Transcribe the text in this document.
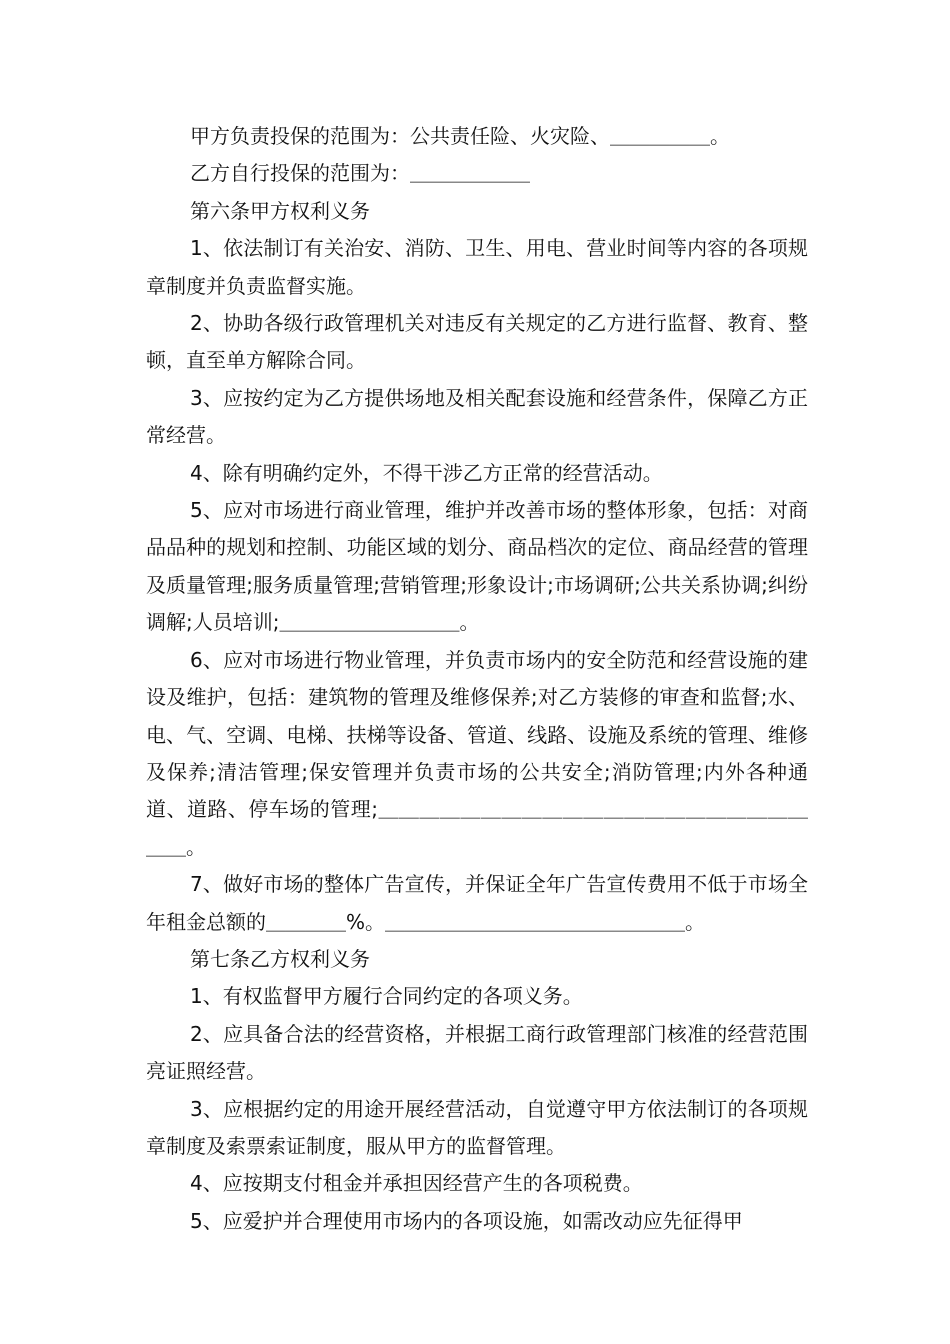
甲方负责投保的范围为：公共责任险、火灾险、＿＿＿＿＿。

乙方自行投保的范围为：＿＿＿＿＿＿

第六条甲方权利义务

1、依法制订有关治安、消防、卫生、用电、营业时间等内容的各项规章制度并负责监督实施。

2、协助各级行政管理机关对违反有关规定的乙方进行监督、教育、整顿，直至单方解除合同。

3、应按约定为乙方提供场地及相关配套设施和经营条件，保障乙方正常经营。

4、除有明确约定外，不得干涉乙方正常的经营活动。

5、应对市场进行商业管理，维护并改善市场的整体形象，包括：对商品品种的规划和控制、功能区域的划分、商品档次的定位、商品经营的管理及质量管理;服务质量管理;营销管理;形象设计;市场调研;公共关系协调;纠纷调解;人员培训;＿＿＿＿＿＿＿＿＿。

6、应对市场进行物业管理，并负责市场内的安全防范和经营设施的建设及维护，包括：建筑物的管理及维修保养;对乙方装修的审查和监督;水、电、气、空调、电梯、扶梯等设备、管道、线路、设施及系统的管理、维修及保养;清洁管理;保安管理并负责市场的公共安全;消防管理;内外各种通道、道路、停车场的管理;＿＿＿＿＿＿＿＿＿＿＿＿＿＿＿＿＿＿＿＿＿＿＿。

7、做好市场的整体广告宣传，并保证全年广告宣传费用不低于市场全年租金总额的＿＿＿＿%。＿＿＿＿＿＿＿＿＿＿＿＿＿＿＿。

第七条乙方权利义务

1、有权监督甲方履行合同约定的各项义务。

2、应具备合法的经营资格，并根据工商行政管理部门核准的经营范围亮证照经营。

3、应根据约定的用途开展经营活动，自觉遵守甲方依法制订的各项规章制度及索票索证制度，服从甲方的监督管理。

4、应按期支付租金并承担因经营产生的各项税费。

5、应爱护并合理使用市场内的各项设施，如需改动应先征得甲
